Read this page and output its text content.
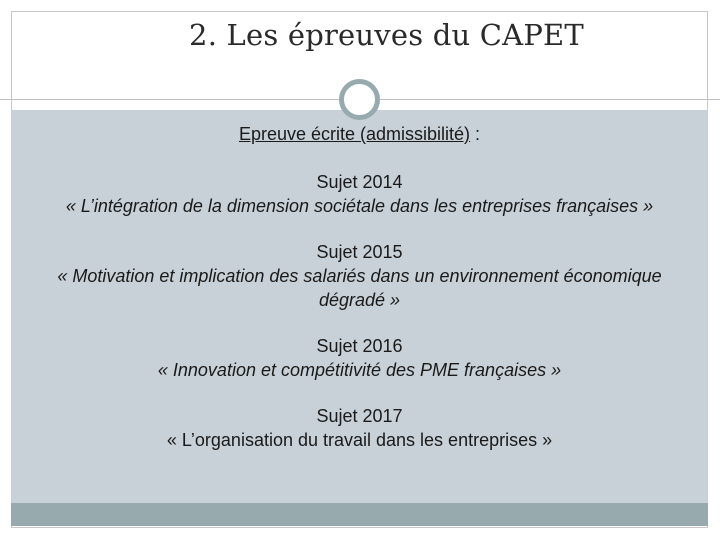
2. Les épreuves du CAPET
Epreuve écrite (admissibilité) :
Sujet 2014
« L’intégration de la dimension sociétale dans les entreprises françaises »
Sujet 2015
« Motivation et implication des salariés dans un environnement économique dégradé »
Sujet 2016
« Innovation et compétitivité des PME françaises »
Sujet 2017
« L’organisation du travail dans les entreprises »
